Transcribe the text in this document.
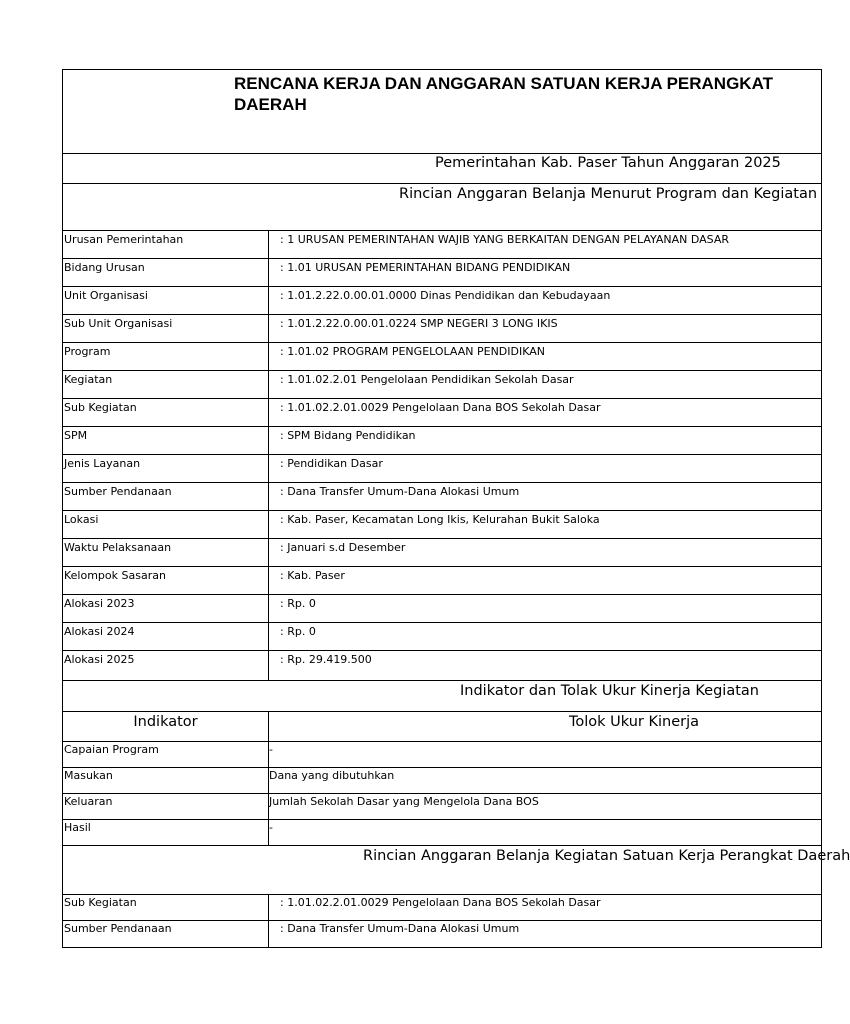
RENCANA KERJA DAN ANGGARAN SATUAN KERJA PERANGKAT
DAERAH
Pemerintahan Kab. Paser Tahun Anggaran 2025
Rincian Anggaran Belanja Menurut Program dan Kegiatan
Urusan Pemerintahan	: 1 URUSAN PEMERINTAHAN WAJIB YANG BERKAITAN DENGAN PELAYANAN DASAR
Bidang Urusan	: 1.01 URUSAN PEMERINTAHAN BIDANG PENDIDIKAN
Unit Organisasi	: 1.01.2.22.0.00.01.0000 Dinas Pendidikan dan Kebudayaan
Sub Unit Organisasi	: 1.01.2.22.0.00.01.0224 SMP NEGERI 3 LONG IKIS
Program	: 1.01.02 PROGRAM PENGELOLAAN PENDIDIKAN
Kegiatan	: 1.01.02.2.01 Pengelolaan Pendidikan Sekolah Dasar
Sub Kegiatan	: 1.01.02.2.01.0029 Pengelolaan Dana BOS Sekolah Dasar
SPM	: SPM Bidang Pendidikan
Jenis Layanan	: Pendidikan Dasar
Sumber Pendanaan	: Dana Transfer Umum-Dana Alokasi Umum
Lokasi	: Kab. Paser, Kecamatan Long Ikis, Kelurahan Bukit Saloka
Waktu Pelaksanaan	: Januari s.d Desember
Kelompok Sasaran	: Kab. Paser
Alokasi 2023	: Rp. 0
Alokasi 2024	: Rp. 0
Alokasi 2025	: Rp. 29.419.500
Indikator dan Tolak Ukur Kinerja Kegiatan
Indikator	Tolok Ukur Kinerja
Capaian Program	-
Masukan	Dana yang dibutuhkan
Keluaran	Jumlah Sekolah Dasar yang Mengelola Dana BOS
Hasil	-
Rincian Anggaran Belanja Kegiatan Satuan Kerja Perangkat Daerah
Sub Kegiatan	: 1.01.02.2.01.0029 Pengelolaan Dana BOS Sekolah Dasar
Sumber Pendanaan	: Dana Transfer Umum-Dana Alokasi Umum
